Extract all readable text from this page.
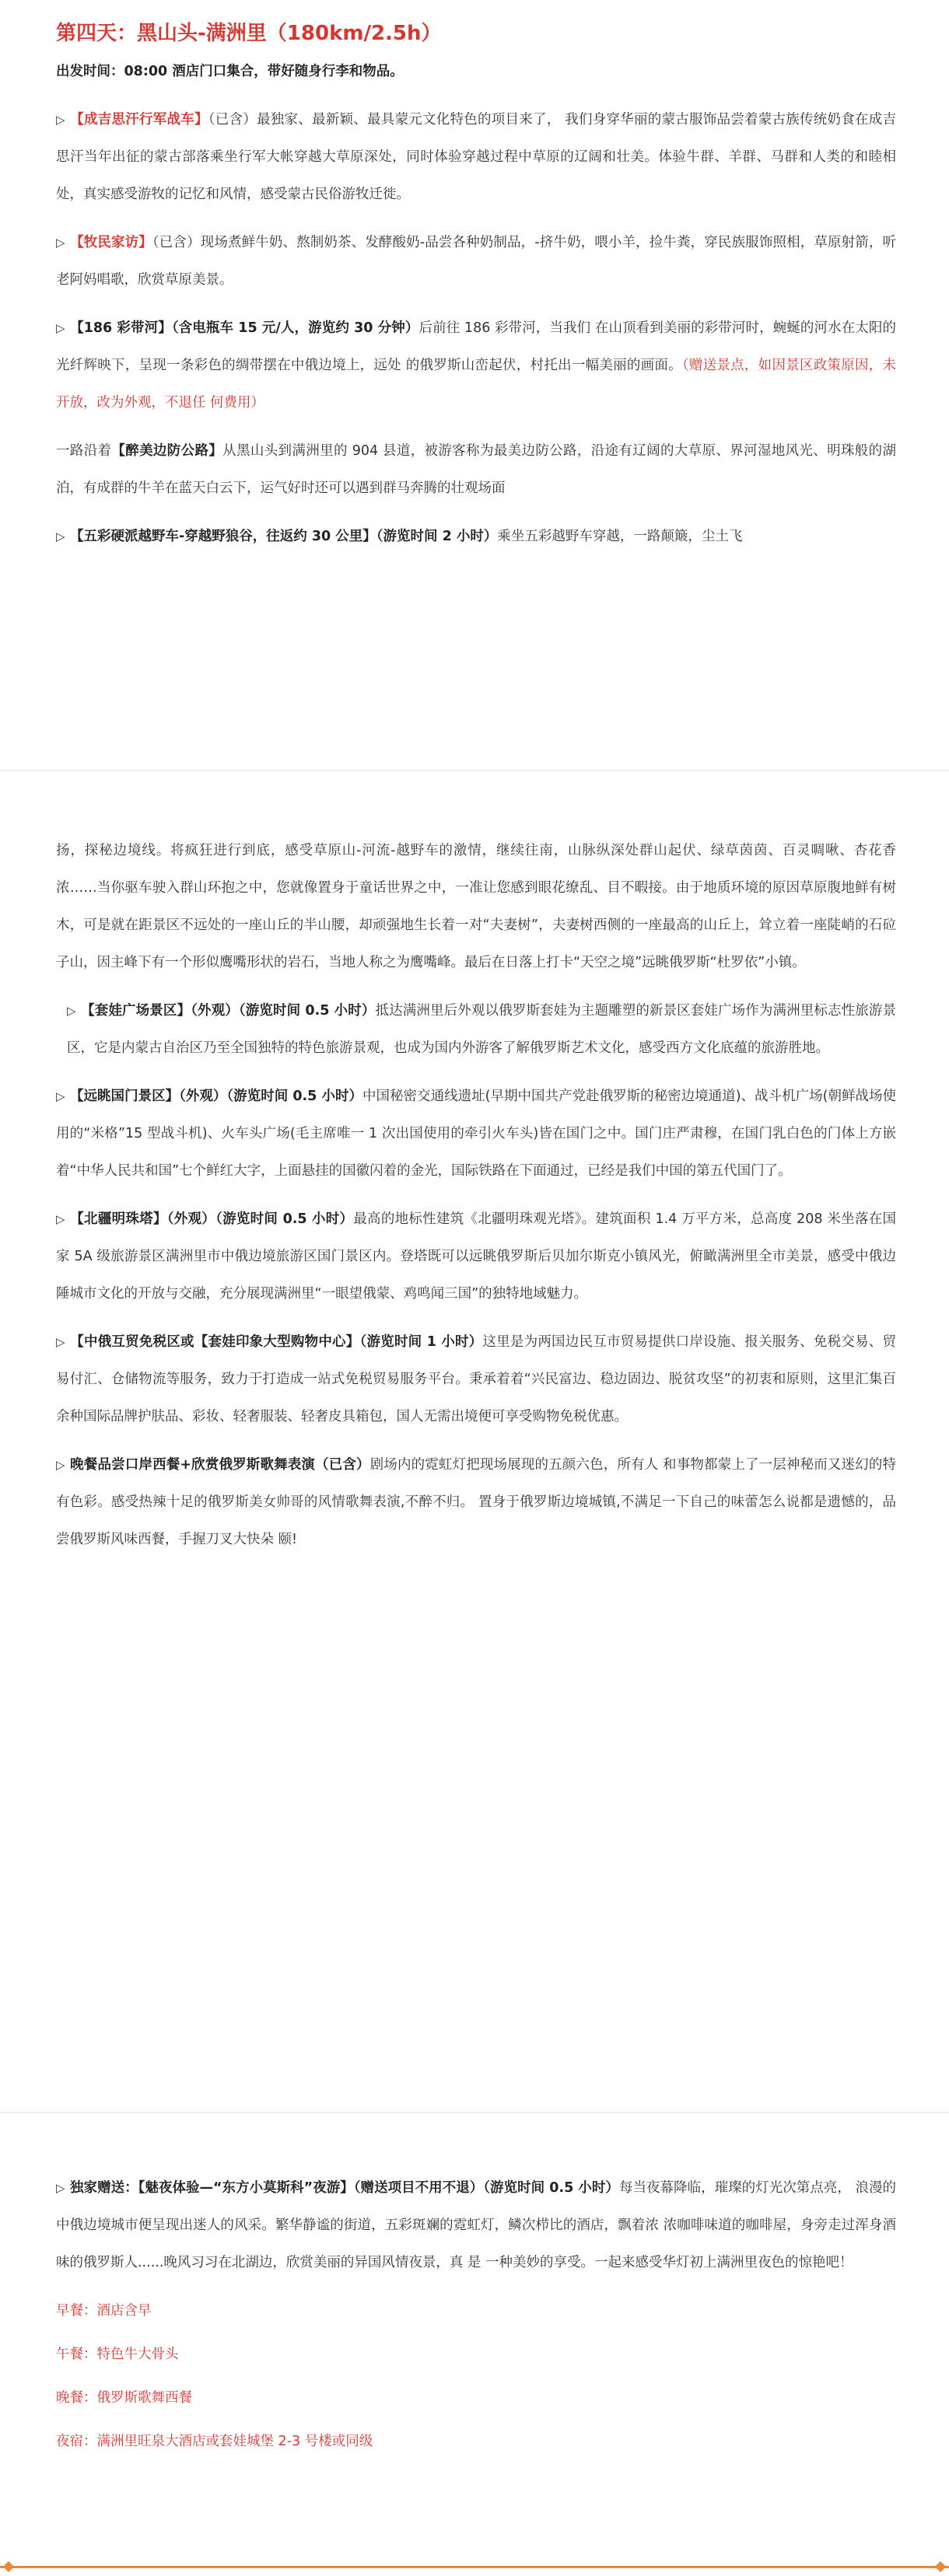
第四天：黑山头-满洲里（180km/2.5h）

出发时间：08:00 酒店门口集合，带好随身行李和物品。

▷ 【成吉思汗行军战车】（已含）最独家、最新颖、最具蒙元文化特色的项目来了， 我们身穿华丽的蒙古服饰品尝着蒙古族传统奶食在成吉思汗当年出征的蒙古部落乘坐行军大帐穿越大草原深处，同时体验穿越过程中草原的辽阔和壮美。体验牛群、羊群、马群和人类的和睦相处，真实感受游牧的记忆和风情，感受蒙古民俗游牧迁徙。

▷ 【牧民家访】（已含）现场煮鲜牛奶、熬制奶茶、发酵酸奶-品尝各种奶制品，-挤牛奶，喂小羊，捡牛粪，穿民族服饰照相，草原射箭，听老阿妈唱歌，欣赏草原美景。

▷ 【186 彩带河】（含电瓶车 15 元/人，游览约 30 分钟）后前往 186 彩带河，当我们 在山顶看到美丽的彩带河时，蜿蜒的河水在太阳的光纤辉映下，呈现一条彩色的绸带摆在中俄边境上，远处 的俄罗斯山峦起伏，村托出一幅美丽的画面。（赠送景点，如因景区政策原因，未开放，改为外观，不退任 何费用）

一路沿着【醉美边防公路】从黑山头到满洲里的 904 县道，被游客称为最美边防公路，沿途有辽阔的大草原、界河湿地风光、明珠般的湖泊，有成群的牛羊在蓝天白云下，运气好时还可以遇到群马奔腾的壮观场面

▷ 【五彩硬派越野车-穿越野狼谷，往返约 30 公里】（游览时间 2 小时）乘坐五彩越野车穿越，一路颠簸，尘土飞

扬，探秘边境线。将疯狂进行到底，感受草原山-河流-越野车的激情，继续往南，山脉纵深处群山起伏、绿草茵茵、百灵啁啾、杏花香浓……当你驱车驶入群山环抱之中，您就像置身于童话世界之中，一准让您感到眼花缭乱、目不暇接。由于地质环境的原因草原腹地鲜有树木，可是就在距景区不远处的一座山丘的半山腰，却顽强地生长着一对“夫妻树”，夫妻树西侧的一座最高的山丘上，耸立着一座陡峭的石砬子山，因主峰下有一个形似鹰嘴形状的岩石，当地人称之为鹰嘴峰。最后在日落上打卡“天空之境”远眺俄罗斯“杜罗依”小镇。

▷ 【套娃广场景区】（外观）（游览时间 0.5 小时）抵达满洲里后外观以俄罗斯套娃为主题雕塑的新景区套娃广场作为满洲里标志性旅游景区，它是内蒙古自治区乃至全国独特的特色旅游景观，也成为国内外游客了解俄罗斯艺术文化，感受西方文化底蕴的旅游胜地。

▷ 【远眺国门景区】（外观）（游览时间 0.5 小时）中国秘密交通线遗址(早期中国共产党赴俄罗斯的秘密边境通道)、战斗机广场(朝鲜战场使用的“米格”15 型战斗机)、火车头广场(毛主席唯一 1 次出国使用的牵引火车头)皆在国门之中。国门庄严肃穆，在国门乳白色的门体上方嵌着“中华人民共和国”七个鲜红大字，上面悬挂的国徽闪着的金光，国际铁路在下面通过，已经是我们中国的第五代国门了。

▷ 【北疆明珠塔】（外观）（游览时间 0.5 小时）最高的地标性建筑《北疆明珠观光塔》。建筑面积 1.4 万平方米，总高度 208 米坐落在国家 5A 级旅游景区满洲里市中俄边境旅游区国门景区内。登塔既可以远眺俄罗斯后贝加尔斯克小镇风光，俯瞰满洲里全市美景，感受中俄边陲城市文化的开放与交融，充分展现满洲里“一眼望俄蒙、鸡鸣闻三国”的独特地域魅力。

▷ 【中俄互贸免税区或【套娃印象大型购物中心】（游览时间 1 小时）这里是为两国边民互市贸易提供口岸设施、报关服务、免税交易、贸易付汇、仓储物流等服务，致力于打造成一站式免税贸易服务平台。秉承着着“兴民富边、稳边固边、脱贫攻坚”的初衷和原则，这里汇集百余种国际品牌护肤品、彩妆、轻奢服装、轻奢皮具箱包，国人无需出境便可享受购物免税优惠。

▷ 晚餐品尝口岸西餐+欣赏俄罗斯歌舞表演（已含）剧场内的霓虹灯把现场展现的五颜六色，所有人 和事物都蒙上了一层神秘而又迷幻的特有色彩。感受热辣十足的俄罗斯美女帅哥的风情歌舞表演,不醉不归。 置身于俄罗斯边境城镇,不满足一下自己的味蕾怎么说都是遗憾的，品尝俄罗斯风味西餐，手握刀叉大快朵 颐!

▷ 独家赠送：【魅夜体验—“东方小莫斯科”夜游】（赠送项目不用不退）（游览时间 0.5 小时）每当夜幕降临，璀璨的灯光次第点亮， 浪漫的中俄边境城市便呈现出迷人的风采。繁华静谧的街道，五彩斑斓的霓虹灯，鳞次栉比的酒店，飘着浓 浓咖啡味道的咖啡屋，身旁走过浑身酒味的俄罗斯人......晚风习习在北湖边，欣赏美丽的异国风情夜景，真 是 一种美妙的享受。一起来感受华灯初上满洲里夜色的惊艳吧！

早餐：酒店含早

午餐：特色牛大骨头

晚餐：俄罗斯歌舞西餐

夜宿：满洲里旺泉大酒店或套娃城堡 2-3 号楼或同级
